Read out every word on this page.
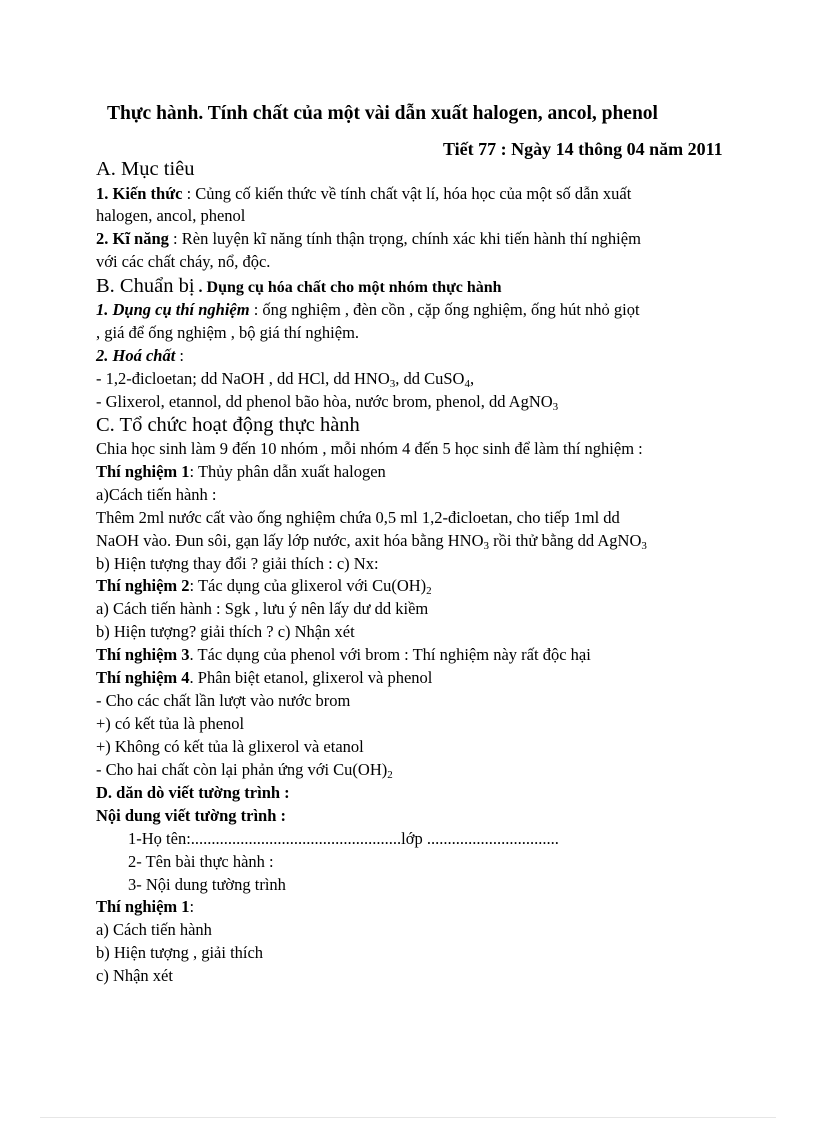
Thực hành. Tính chất của một vài dẫn xuất halogen, ancol, phenol
Tiết 77 : Ngày 14 thông 04 năm 2011
A. Mục tiêu
1. Kiến thức : Củng cố kiến thức về tính chất vật lí, hóa học của một số dẫn xuất
halogen, ancol, phenol
2. Kĩ năng : Rèn luyện kĩ năng tính thận trọng, chính xác khi tiến hành thí nghiệm
với các chất cháy, nổ, độc.
B. Chuẩn bị . Dụng cụ hóa chất cho một nhóm thực hành
1. Dụng cụ thí nghiệm : ống nghiệm , đèn cồn , cặp ống nghiệm, ống hút nhỏ giọt
, giá để ống nghiệm , bộ giá thí nghiệm.
2. Hoá chất :
- 1,2-đicloetan; dd NaOH , dd HCl, dd $HNO_3$, dd CuSO$_4$,
- Glixerol, etannol, dd phenol bão hòa, nước brom, phenol, dd AgNO$_3$
C. Tổ chức hoạt động thực hành
Chia học sinh làm 9 đến 10 nhóm , mỗi nhóm 4 đến 5 học sinh để làm thí nghiệm :
Thí nghiệm 1: Thủy phân dẫn xuất halogen
a)Cách tiến hành :
Thêm 2ml nước cất vào ống nghiệm chứa 0,5 ml 1,2-đicloetan, cho tiếp 1ml dd
NaOH vào. Đun sôi, gạn lấy lớp nước, axit hóa bằng $HNO_3$ rồi thử bằng dd AgNO$_3$
b) Hiện tượng thay đổi ? giải thích : c) Nx:
Thí nghiệm 2: Tác dụng của glixerol với $Cu(OH)_2$
a) Cách tiến hành : Sgk , lưu ý nên lấy dư dd kiềm
b) Hiện tượng? giải thích ? c) Nhận xét
Thí nghiệm 3. Tác dụng của phenol với brom : Thí nghiệm này rất độc hại
Thí nghiệm 4. Phân biệt etanol, glixerol và phenol
- Cho các chất lần lượt vào nước brom
+) có kết tủa là phenol
+) Không có kết tủa là glixerol và etanol
- Cho hai chất còn lại phản ứng với $Cu(OH)_2$
D. dăn dò viết tường trình :
Nội dung viết tường trình :
1-Họ tên:...................................................lớp ................................
2- Tên bài thực hành :
3- Nội dung tường trình
Thí nghiệm 1:
a) Cách tiến hành
b) Hiện tượng , giải thích
c) Nhận xét
